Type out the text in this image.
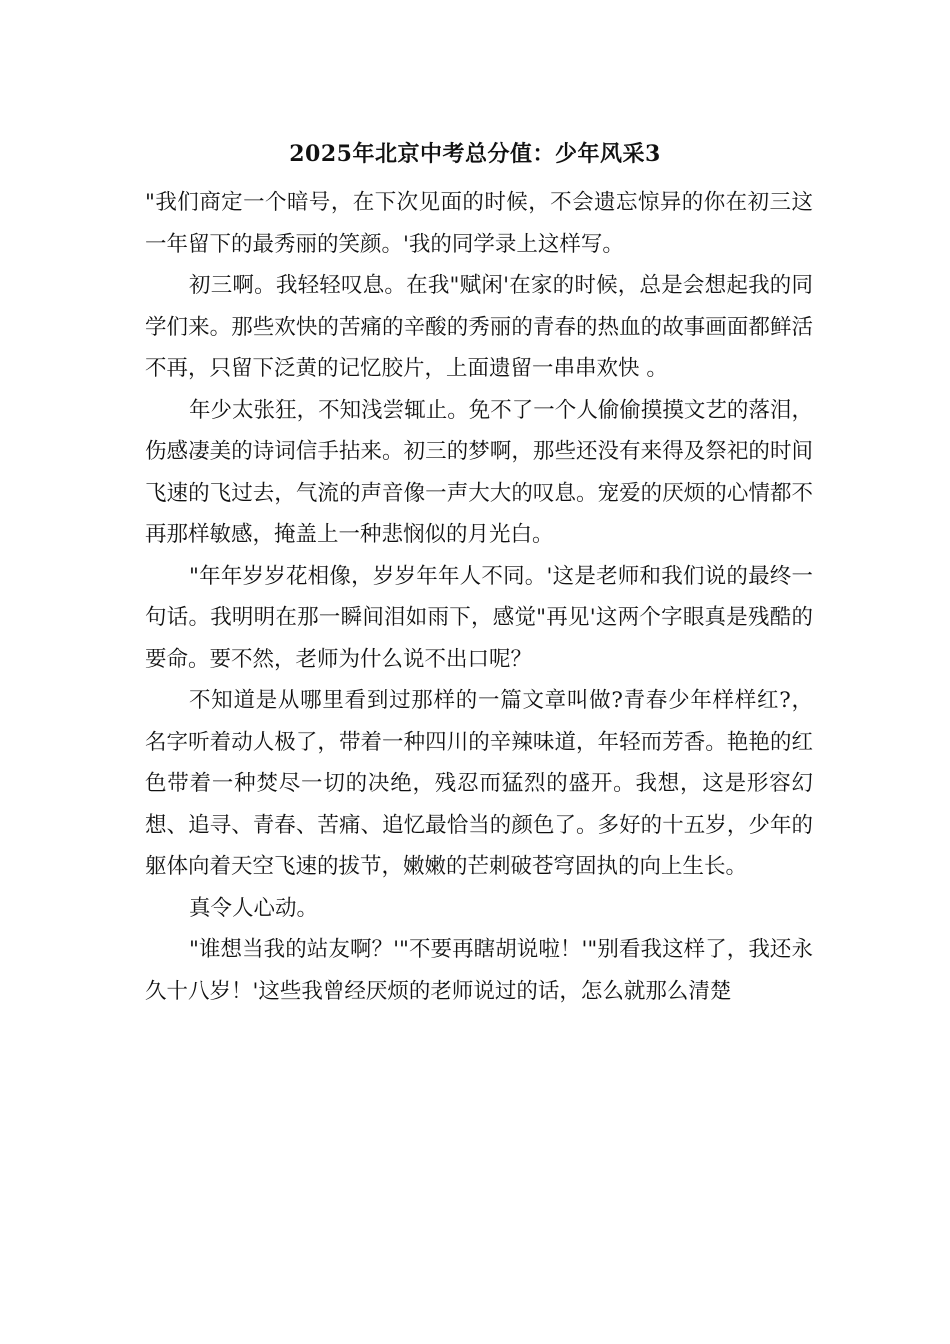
2025年北京中考总分值：少年风采3

"我们商定一个暗号，在下次见面的时候，不会遗忘惊异的你在初三这一年留下的最秀丽的笑颜。'我的同学录上这样写。

初三啊。我轻轻叹息。在我"赋闲'在家的时候，总是会想起我的同学们来。那些欢快的苦痛的辛酸的秀丽的青春的热血的故事画面都鲜活不再，只留下泛黄的记忆胶片，上面遗留一串串欢快 。

年少太张狂，不知浅尝辄止。免不了一个人偷偷摸摸文艺的落泪，伤感凄美的诗词信手拈来。初三的梦啊，那些还没有来得及祭祀的时间飞速的飞过去，气流的声音像一声大大的叹息。宠爱的厌烦的心情都不再那样敏感，掩盖上一种悲悯似的月光白。

"年年岁岁花相像，岁岁年年人不同。'这是老师和我们说的最终一句话。我明明在那一瞬间泪如雨下，感觉"再见'这两个字眼真是残酷的要命。要不然，老师为什么说不出口呢？

不知道是从哪里看到过那样的一篇文章叫做?青春少年样样红?，名字听着动人极了，带着一种四川的辛辣味道，年轻而芳香。艳艳的红色带着一种焚尽一切的决绝，残忍而猛烈的盛开。我想，这是形容幻想、追寻、青春、苦痛、追忆最恰当的颜色了。多好的十五岁，少年的躯体向着天空飞速的拔节，嫩嫩的芒刺破苍穹固执的向上生长。

真令人心动。

"谁想当我的站友啊？'"不要再瞎胡说啦！'"别看我这样了，我还永久十八岁！'这些我曾经厌烦的老师说过的话，怎么就那么清楚
